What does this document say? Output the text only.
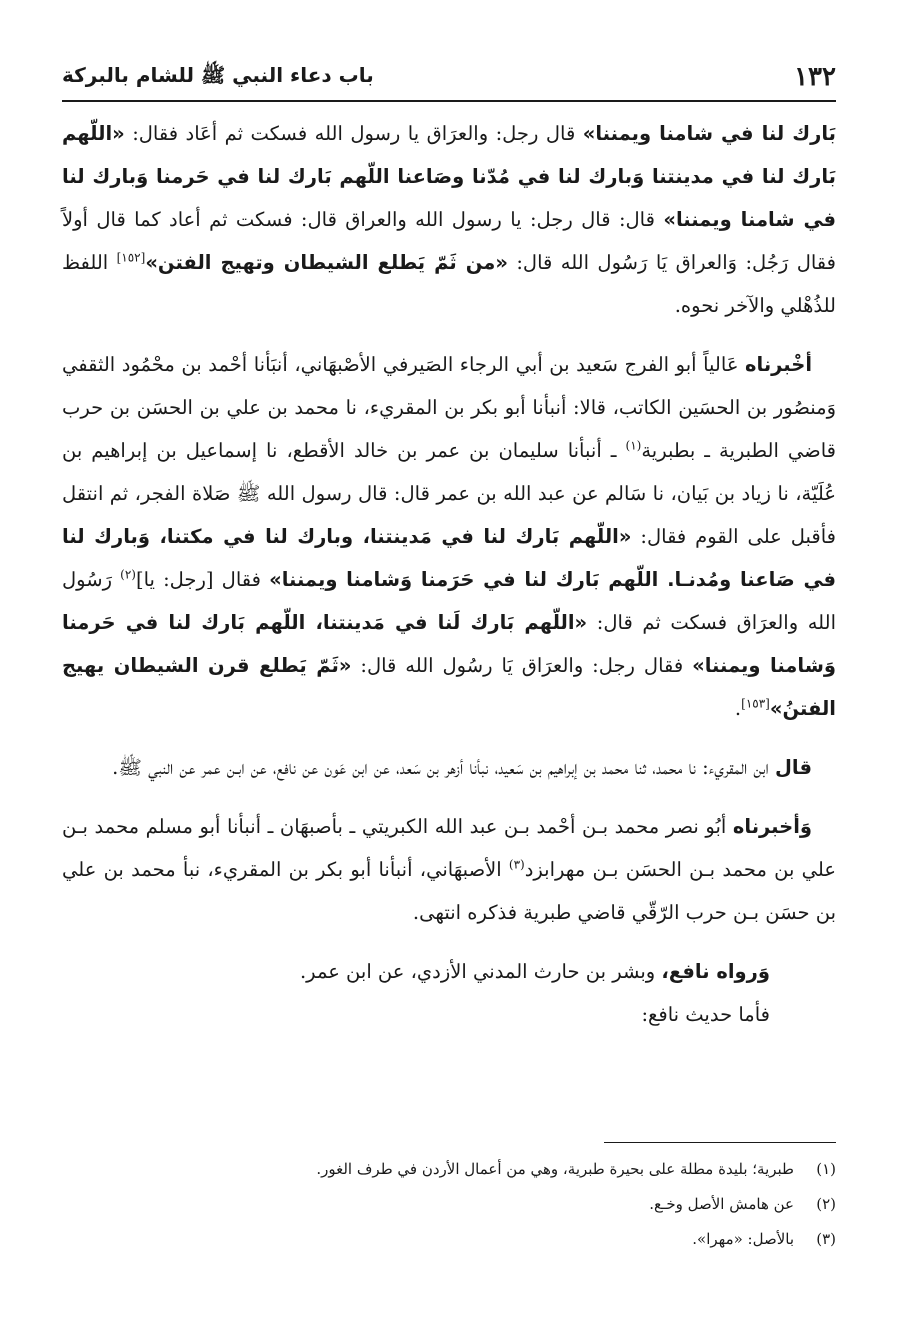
١٣٢
باب دعاء النبي ﷺ للشام بالبركة

بَارك لنا في شامنا ويمننا» قال رجل: والعرَاق يا رسول الله فسكت ثم أعَاد فقال: «اللّهم بَارك لنا في مدينتنا وَبارك لنا في مُدّنا وصَاعنا اللّهم بَارك لنا في حَرمنا وَبارك لنا في شامنا ويمننا» قال: قال رجل: يا رسول الله والعراق قال: فسكت ثم أعاد كما قال أولاً فقال رَجُل: وَالعراق يَا رَسُول الله قال: «من ثَمّ يَطلع الشيطان وتهيج الفتن»[١٥٢] اللفظ للذُهْلي والآخر نحوه.

أخْبرناه عَالياً أبو الفرج سَعيد بن أبي الرجاء الصَيرفي الأصْبهَاني، أنبَأنا أحْمد بن محْمُود الثقفي وَمنصُور بن الحسَين الكاتب، قالا: أنبأنا أبو بكر بن المقريء، نا محمد بن علي بن الحسَن بن حرب قاضي الطبرية ـ بطبرية$^{(١)}$ ـ أنبأنا سليمان بن عمر بن خالد الأقطع، نا إسماعيل بن إبراهيم بن عُلَيّة، نا زياد بن بَيان، نا سَالم عن عبد الله بن عمر قال: قال رسول الله ﷺ صَلاة الفجر، ثم انتقل فأقبل على القوم فقال: «اللّهم بَارك لنا في مَدينتنا، وبارك لنا في مكتنا، وَبارك لنا في صَاعنا ومُدنـا. اللّهم بَارك لنا في حَرَمنا وَشامنا ويمننا» فقال [رجل: يا]$^{(٢)}$ رَسُول الله والعرَاق فسكت ثم قال: «اللّهم بَارك لَنا في مَدينتنا، اللّهم بَارك لنا في حَرمنا وَشامنا ويمننا» فقال رجل: والعرَاق يَا رسُول الله قال: «ثَمّ يَطلع قرن الشيطان يهيج الفتنُ»[١٥٣].

قال ابن المقريء: نا محمد، ثنا محمد بن إبراهيم بن سَعيد، نبأنا أزهر بن سَعد، عن ابن عَون عن نافع، عن ابـن عمر عن النبي ﷺ.

وَأخبرناه أبُو نصر محمد بـن أحْمد بـن عبد الله الكبريتي ـ بأصبهَان ـ أنبأنا أبو مسلم محمد بـن علي بن محمد بـن الحسَن بـن مهرابزد$^{(٣)}$ الأصبهَاني، أنبأنا أبو بكر بن المقريء، نبأ محمد بن علي بن حسَن بـن حرب الرّقّي قاضي طبرية فذكره انتهى.

وَرواه نافع، وبشر بن حارث المدني الأزدي، عن ابن عمر.

فأما حديث نافع:

(١)
طبرية؛ بليدة مطلة على بحيرة طبرية، وهي من أعمال الأردن في طرف الغور.
(٢)
عن هامش الأصل وخـع.
(٣)
بالأصل: «مهرا».
